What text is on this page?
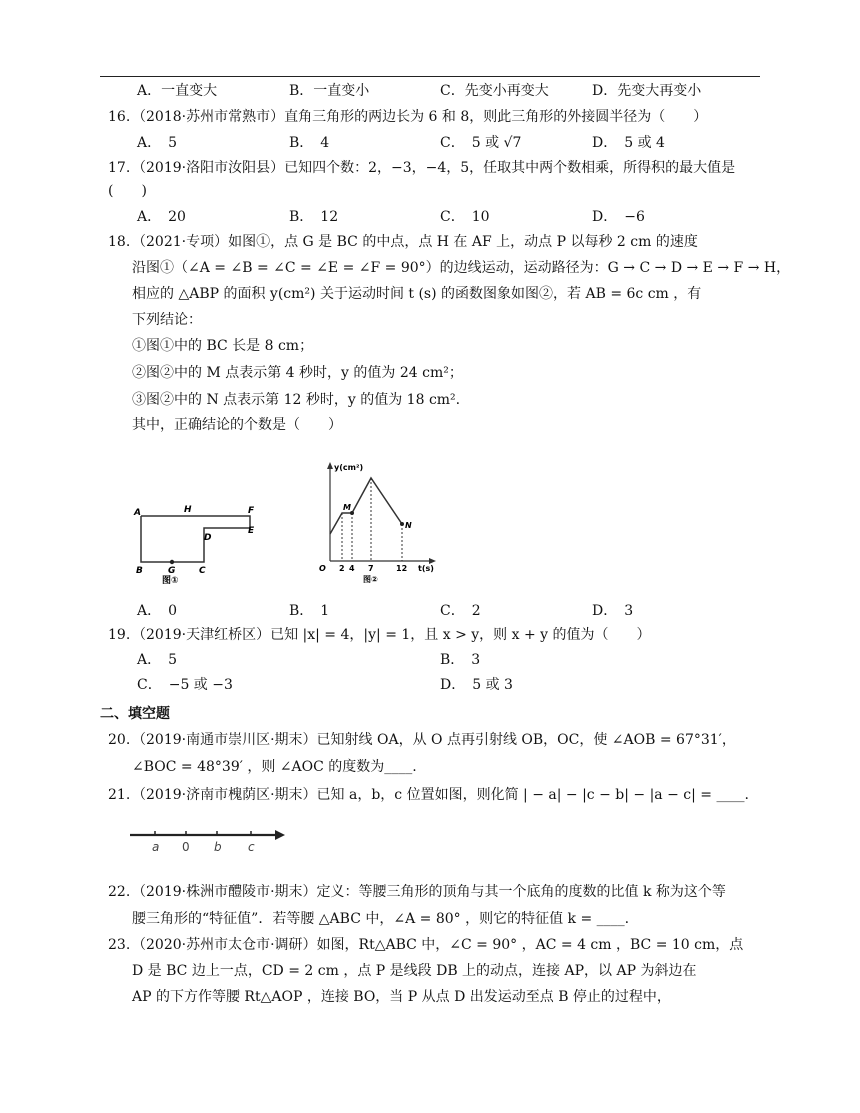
A．一直变大	B．一直变小	C．先变小再变大	D．先变大再变小
16. （2018·苏州市常熟市）直角三角形的两边长为 6 和 8，则此三角形的外接圆半径为（　　）
A．　5	B．　4	C．　5 或 √7	D．　5 或 4
17. （2019·洛阳市汝阳县）已知四个数：2，−3，−4，5，任取其中两个数相乘，所得积的最大值是
(　　)
A．　20	B．　12	C．　10	D．　−6
18. （2021·专项）如图①，点 G 是 BC 的中点，点 H 在 AF 上，动点 P 以每秒 2 cm 的速度
沿图①（∠A = ∠B = ∠C = ∠E = ∠F = 90°）的边线运动，运动路径为：G → C → D → E → F → H，
相应的 △ABP 的面积 y(cm²) 关于运动时间 t (s) 的函数图象如图②，若 AB = 6c cm ，有
下列结论：
①图①中的 BC 长是 8 cm；
②图②中的 M 点表示第 4 秒时，y 的值为 24 cm²；
③图②中的 N 点表示第 12 秒时，y 的值为 18 cm².
其中，正确结论的个数是（　　）
A	H	F
E
D
B	G	C
图①
y(cm²)
t(s)
O 2 4 7	12
M
N
图②
A．　0	B．　1	C．　2	D．　3
19. （2019·天津红桥区）已知 |x| = 4，|y| = 1，且 x > y，则 x + y 的值为（　　）
A．　5	B．　3
C．　−5 或 −3	D．　5 或 3
二、填空题
20. （2019·南通市崇川区·期末）已知射线 OA，从 O 点再引射线 OB，OC，使 ∠AOB = 67°31′，
∠BOC = 48°39′ ，则 ∠AOC 的度数为____.
21. （2019·济南市槐荫区·期末）已知 a，b，c 位置如图，则化简 | − a| − |c − b| − |a − c| = ____.
a 0 b c
22. （2019·株洲市醴陵市·期末）定义：等腰三角形的顶角与其一个底角的度数的比值 k 称为这个等
腰三角形的“特征值”．若等腰 △ABC 中，∠A = 80° ，则它的特征值 k = ____.
23. （2020·苏州市太仓市·调研）如图，Rt△ABC 中，∠C = 90° ，AC = 4 cm ，BC = 10 cm，点
D 是 BC 边上一点，CD = 2 cm ，点 P 是线段 DB 上的动点，连接 AP，以 AP 为斜边在
AP 的下方作等腰 Rt△AOP ，连接 BO，当 P 从点 D 出发运动至点 B 停止的过程中，
